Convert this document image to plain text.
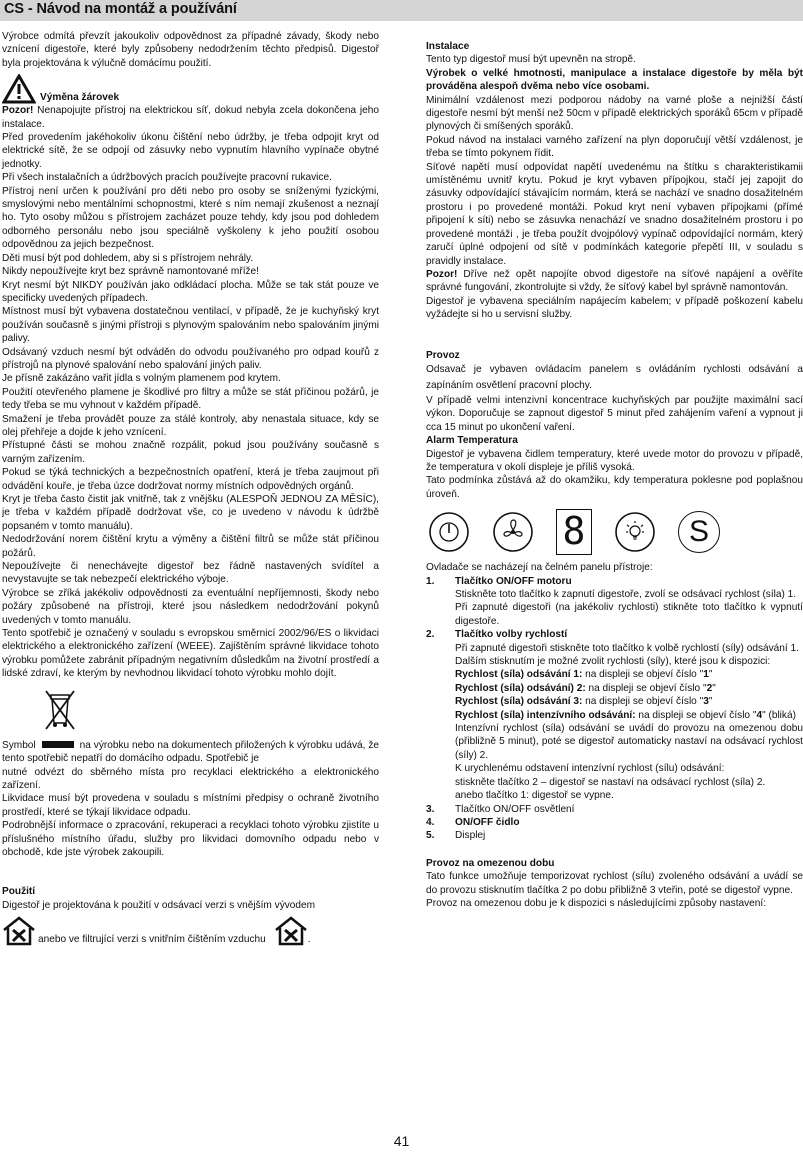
CS - Návod na montáž a používání

Výrobce odmítá převzít jakoukoliv odpovědnost za případné závady, škody nebo vznícení digestoře, které byly způsobeny nedodržením těchto předpisů. Digestoř byla projektována k výlučně domácímu použití.

Výměna žárovek

Pozor! Nenapojujte přístroj na elektrickou síť, dokud nebyla zcela dokončena jeho instalace.

Před provedením jakéhokoliv úkonu čištění nebo údržby, je třeba odpojit kryt od elektrické sítě, že se odpojí od zásuvky nebo vypnutím hlavního vypínače obytné jednotky.

Při všech instalačních a údržbových pracích používejte pracovní rukavice.

Přístroj není určen k používání pro děti nebo pro osoby se sníženými fyzickými, smyslovými nebo mentálními schopnostmi, které s ním nemají zkušenost a neznají ho. Tyto osoby můžou s přístrojem zacházet pouze tehdy, kdy jsou pod dohledem odborného personálu nebo jsou speciálně vyškoleny k jeho použití osobou odpovědnou za jejich bezpečnost.

Děti musí být pod dohledem, aby si s přístrojem nehrály.

Nikdy nepoužívejte kryt bez správně namontované mříže!

Kryt nesmí být NIKDY používán jako odkládací plocha. Může se tak stát pouze ve specificky uvedených případech.

Místnost musí být vybavena dostatečnou ventilací, v případě, že je kuchyňský kryt používán současně s jinými přístroji s plynovým spalováním nebo spalováním jinými palivy.

Odsávaný vzduch nesmí být odváděn do odvodu používaného pro odpad kouřů z přístrojů na plynové spalování nebo spalování jiných paliv.

Je přísně zakázáno vařit jídla s volným plamenem pod krytem.

Použití otevřeného plamene je škodlivé pro filtry a může se stát příčinou požárů, je tedy třeba se mu vyhnout v každém případě.

Smažení je třeba provádět pouze za stálé kontroly, aby nenastala situace, kdy se olej přehřeje a dojde k jeho vznícení.

Přístupné části se mohou značně rozpálit, pokud jsou používány současně s varným zařízením.

Pokud se týká technických a bezpečnostních opatření, která je třeba zaujmout při odvádění kouře, je třeba úzce dodržovat normy místních odpovědných orgánů.

Kryt je třeba často čistit jak vnitřně, tak z vnějšku (ALESPOŇ JEDNOU ZA MĚSÍC), je třeba v každém případě dodržovat vše, co je uvedeno v návodu k údržbě popsaném v tomto manuálu).

Nedodržování norem čištění krytu a výměny a čištění filtrů se může stát příčinou požárů.

Nepoužívejte či nenechávejte digestoř bez řádně nastavených svídítel a nevystavujte se tak nebezpečí elektrického výboje.

Výrobce se zříká jakékoliv odpovědnosti za eventuální nepříjemnosti, škody nebo požáry způsobené na přístroji, které jsou následkem nedodržování pokynů uvedených v tomto manuálu.

Tento spotřebič je označený v souladu s evropskou směrnicí 2002/96/ES o likvidaci elektrického a elektronického zařízení (WEEE). Zajištěním správné likvidace tohoto výrobku pomůžete zabránit případným negativním důsledkům na životní prostředí a lidské zdraví, ke kterým by nevhodnou likvidací tohoto výrobku mohlo dojít.

Symbol	na výrobku nebo na dokumentech přiložených k výrobku udává, že tento spotřebič nepatří do domácího odpadu. Spotřebič je

nutné odvézt do sběrného místa pro recyklaci elektrického a elektronického zařízení.

Likvidace musí být provedena v souladu s místními předpisy o ochraně životního prostředí, které se týkají likvidace odpadu.

Podrobnější informace o zpracování, rekuperaci a recyklaci tohoto výrobku zjistíte u příslušného místního úřadu, služby pro likvidaci domovního odpadu nebo v obchodě, kde jste výrobek zakoupili.

Použití

Digestoř je projektována k použití v odsávací verzi s vnějším vývodem

anebo ve filtrující verzi s vnitřním čištěním vzduchu	.

Instalace

Tento typ digestoř musí být upevněn na stropě.

Výrobek o velké hmotnosti, manipulace a instalace digestoře by měla být prováděna alespoň dvěma nebo více osobami.

Minimální vzdálenost mezi podporou nádoby na varné ploše a nejnižší částí digestoře nesmí být menší než 50cm v případě elektrických sporáků 65cm v případě plynových či smíšených sporáků.

Pokud návod na instalaci varného zařízení na plyn doporučují větší vzdálenost, je třeba se tímto pokynem řídit.

Síťové napětí musí odpovídat napětí uvedenému na štítku s charakteristikamii umístěnému uvnitř krytu. Pokud je kryt vybaven přípojkou, stačí jej zapojit do zásuvky odpovídající stávajícím normám, která se nachází ve snadno dosažitelném prostoru i po provedené montáži. Pokud kryt není vybaven přípojkami (přímé připojení k síti) nebo se zásuvka nenachází ve snadno dosažitelném prostoru i po provedené montáži , je třeba použít dvojpólový vypínač odpovídající normám, který zaručí úplné odpojení od sítě v podmínkách kategorie přepětí III, v souladu s pravidly instalace.

Pozor! Dříve než opět napojíte obvod digestoře na síťové napájení a ověříte správné fungování, zkontrolujte si vždy, že síťový kabel byl správně namontován.

Digestoř je vybavena speciálním napájecím kabelem; v případě poškození kabelu vyžádejte si ho u servisní služby.

Provoz

Odsavač je vybaven ovládacím panelem s ovládáním rychlosti odsávání a zapínáním osvětlení pracovní plochy.

V případě velmi intenzivní koncentrace kuchyňských par použijte maximální sací výkon. Doporučuje se zapnout digestoř 5 minut před zahájením vaření a vypnout ji cca 15 minut po ukončení vaření.

Alarm Temperatura

Digestoř je vybavena čidlem temperatury, které uvede motor do provozu v případě, že temperatura v okolí displeje je příliš vysoká.

Tato podmínka zůstává až do okamžiku, kdy temperatura poklesne pod poplašnou úroveň.

8	S

Ovladače se nacházejí na čelném panelu přístroje:

1. Tlačítko ON/OFF motoru

Stiskněte toto tlačítko k zapnutí digestoře, zvolí se odsávací rychlost (síla) 1.

Při zapnuté digestoři (na jakékoliv rychlosti) stikněte toto tlačítko k vypnutí digestoře.

2. Tlačítko volby rychlostí

Při zapnuté digestoři stiskněte toto tlačítko k volbě rychlostí (síly) odsávání 1.

Dalším stisknutím je možné zvolit rychlosti (síly), které jsou k dispozici:

Rychlost (síla) odsávání 1: na displeji se objeví číslo "1"

Rychlost (síla) odsávání) 2: na displeji se objeví číslo "2"

Rychlost (síla) odsávání 3: na displeji se objeví číslo "3"

Rychlost (síla) intenzívního odsávání: na displeji se objeví číslo "4" (bliká)

Intenzívní rychlost (síla) odsávání se uvádí do provozu na omezenou dobu (přibližně 5 minut), poté se digestoř automaticky nastaví na odsávací rychlost (síly) 2.

K urychlenému odstavení intenzívní rychlost (sílu) odsávání:

stiskněte tlačítko 2 – digestoř se nastaví na odsávací rychlost (síla) 2.

anebo tlačítko 1: digestoř se vypne.

3. Tlačítko ON/OFF osvětlení

4. ON/OFF čidlo

5. Displej

Provoz na omezenou dobu

Tato funkce umožňuje temporizovat rychlost (sílu) zvoleného odsávání a uvádí se do provozu stisknutím tlačítka 2 po dobu přibližně 3 vteřin, poté se digestoř vypne.

Provoz na omezenou dobu je k dispozici s následujícími způsoby nastavení:

41
